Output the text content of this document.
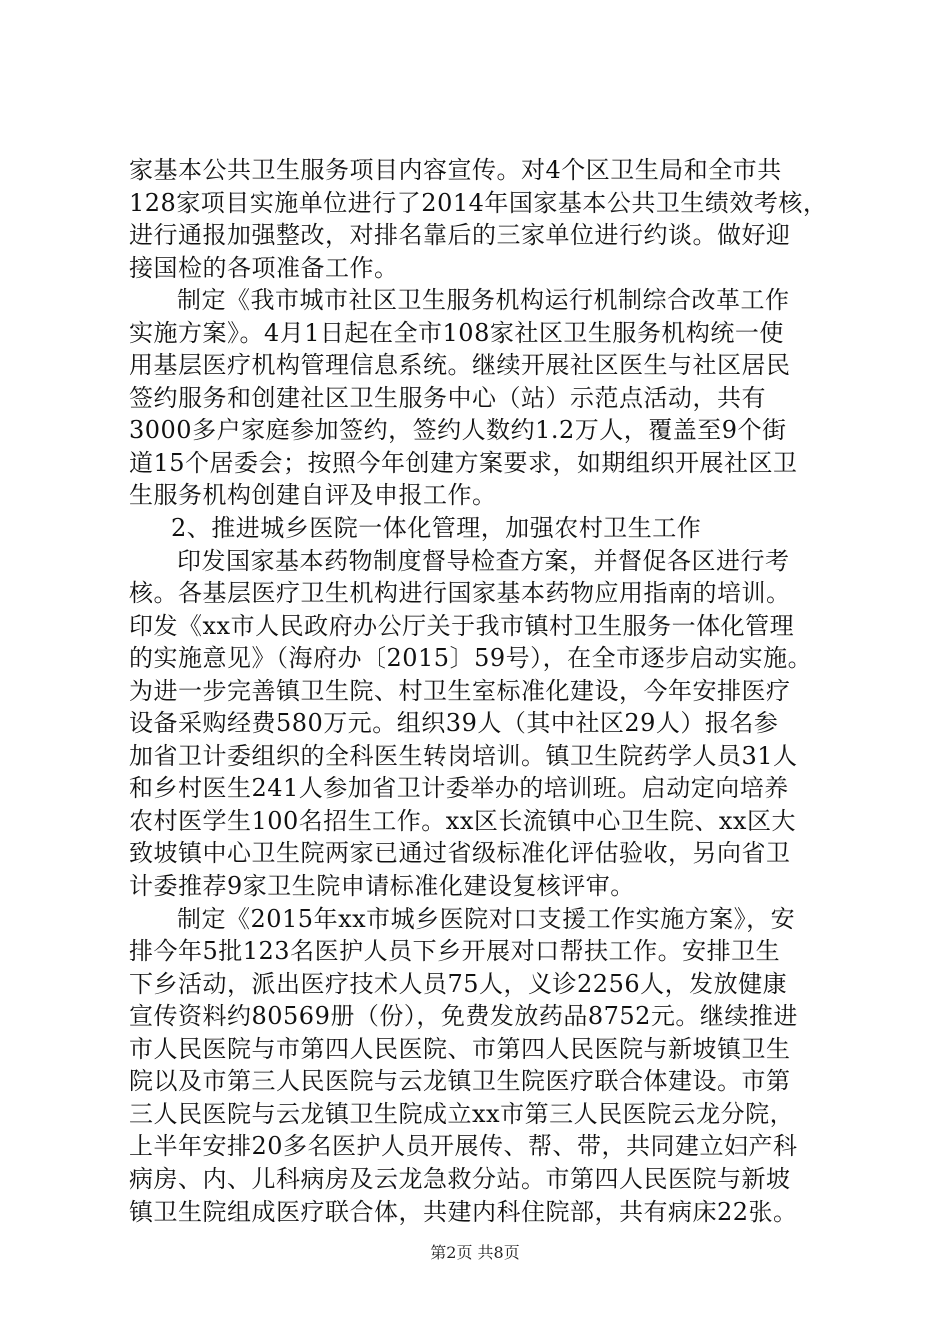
家基本公共卫生服务项目内容宣传。对4个区卫生局和全市共
128家项目实施单位进行了2014年国家基本公共卫生绩效考核，
进行通报加强整改，对排名靠后的三家单位进行约谈。做好迎
接国检的各项准备工作。
制定《我市城市社区卫生服务机构运行机制综合改革工作
实施方案》。4月1日起在全市108家社区卫生服务机构统一使
用基层医疗机构管理信息系统。继续开展社区医生与社区居民
签约服务和创建社区卫生服务中心（站）示范点活动，共有
3000多户家庭参加签约，签约人数约1.2万人，覆盖至9个街
道15个居委会；按照今年创建方案要求，如期组织开展社区卫
生服务机构创建自评及申报工作。
2、推进城乡医院一体化管理，加强农村卫生工作
印发国家基本药物制度督导检查方案，并督促各区进行考
核。各基层医疗卫生机构进行国家基本药物应用指南的培训。
印发《xx市人民政府办公厅关于我市镇村卫生服务一体化管理
的实施意见》（海府办〔2015〕59号），在全市逐步启动实施。
为进一步完善镇卫生院、村卫生室标准化建设，今年安排医疗
设备采购经费580万元。组织39人（其中社区29人）报名参
加省卫计委组织的全科医生转岗培训。镇卫生院药学人员31人
和乡村医生241人参加省卫计委举办的培训班。启动定向培养
农村医学生100名招生工作。xx区长流镇中心卫生院、xx区大
致坡镇中心卫生院两家已通过省级标准化评估验收，另向省卫
计委推荐9家卫生院申请标准化建设复核评审。
制定《2015年xx市城乡医院对口支援工作实施方案》，安
排今年5批123名医护人员下乡开展对口帮扶工作。安排卫生
下乡活动，派出医疗技术人员75人，义诊2256人，发放健康
宣传资料约80569册（份），免费发放药品8752元。继续推进
市人民医院与市第四人民医院、市第四人民医院与新坡镇卫生
院以及市第三人民医院与云龙镇卫生院医疗联合体建设。市第
三人民医院与云龙镇卫生院成立xx市第三人民医院云龙分院，
上半年安排20多名医护人员开展传、帮、带，共同建立妇产科
病房、内、儿科病房及云龙急救分站。市第四人民医院与新坡
镇卫生院组成医疗联合体，共建内科住院部，共有病床22张。
第2页 共8页
